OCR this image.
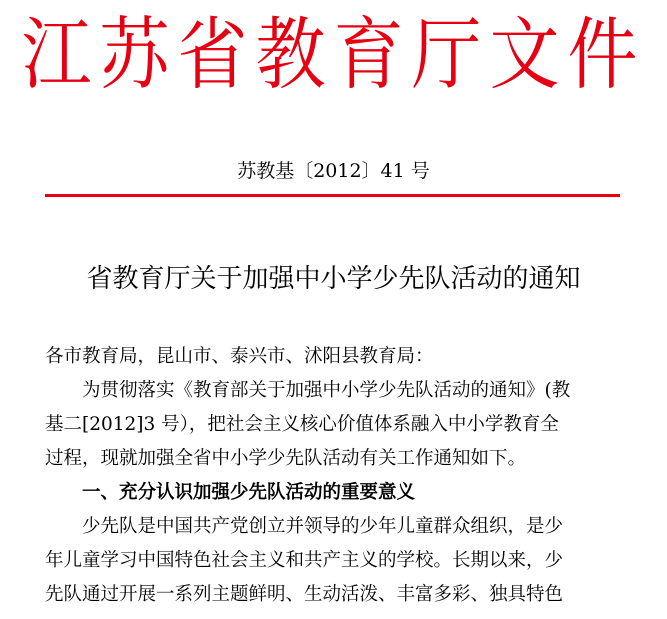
江苏省教育厅文件
苏教基〔2012〕41 号
省教育厅关于加强中小学少先队活动的通知
各市教育局，昆山市、泰兴市、沭阳县教育局：
为贯彻落实《教育部关于加强中小学少先队活动的通知》(教
基二[2012]3 号），把社会主义核心价值体系融入中小学教育全
过程，现就加强全省中小学少先队活动有关工作通知如下。
一、充分认识加强少先队活动的重要意义
少先队是中国共产党创立并领导的少年儿童群众组织，是少
年儿童学习中国特色社会主义和共产主义的学校。长期以来，少
先队通过开展一系列主题鲜明、生动活泼、丰富多彩、独具特色
